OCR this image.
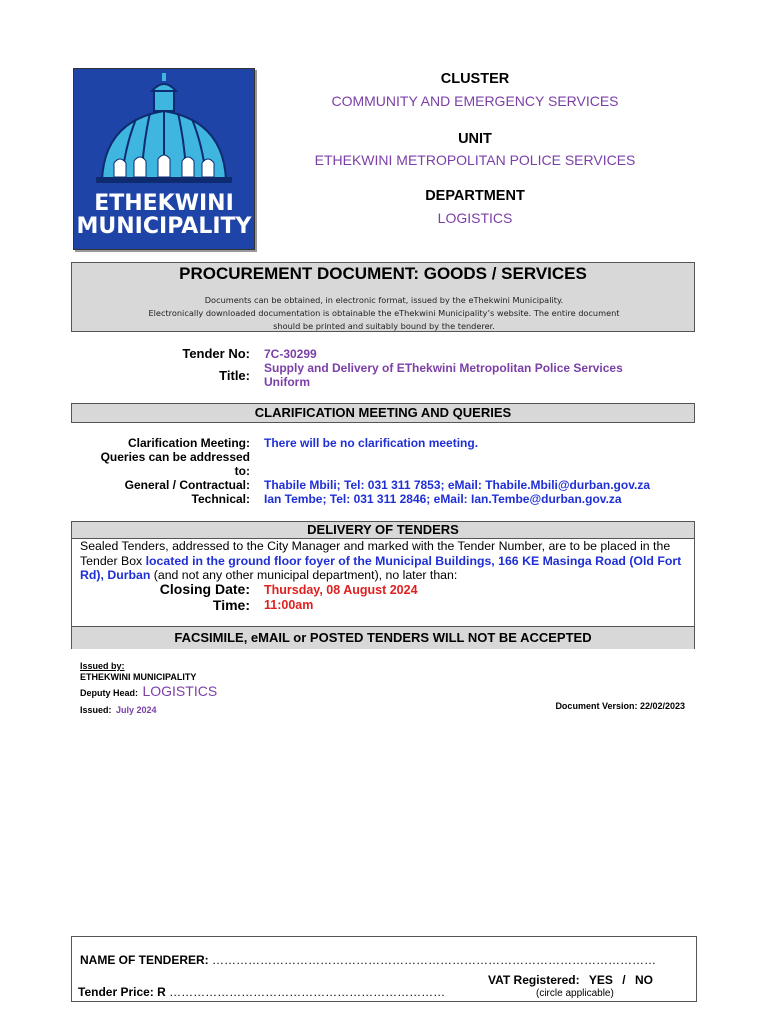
ETHEKWINI
MUNICIPALITY
CLUSTER
COMMUNITY AND EMERGENCY SERVICES
UNIT
ETHEKWINI METROPOLITAN POLICE SERVICES
DEPARTMENT
LOGISTICS
PROCUREMENT DOCUMENT: GOODS / SERVICES
Documents can be obtained, in electronic format, issued by the eThekwini Municipality.
Electronically downloaded documentation is obtainable the eThekwini Municipality’s website. The entire document
should be printed and suitably bound by the tenderer.
Tender No: 7C-30299
Title: Supply and Delivery of EThekwini Metropolitan Police Services
Uniform
CLARIFICATION MEETING AND QUERIES
Clarification Meeting: There will be no clarification meeting.
Queries can be addressed
to:
General / Contractual: Thabile Mbili; Tel: 031 311 7853; eMail: Thabile.Mbili@durban.gov.za
Technical: Ian Tembe; Tel: 031 311 2846; eMail: Ian.Tembe@durban.gov.za
DELIVERY OF TENDERS
Sealed Tenders, addressed to the City Manager and marked with the Tender Number, are to be placed in the Tender Box located in the ground floor foyer of the Municipal Buildings, 166 KE Masinga Road (Old Fort Rd), Durban (and not any other municipal department), no later than:
Closing Date: Thursday, 08 August 2024
Time: 11:00am
FACSIMILE, eMAIL or POSTED TENDERS WILL NOT BE ACCEPTED
Issued by:
ETHEKWINI MUNICIPALITY
Deputy Head: LOGISTICS
Issued: July 2024	Document Version: 22/02/2023
NAME OF TENDERER: …………………………………………………………………………………………………
VAT Registered: YES / NO
(circle applicable)
Tender Price: R ……………………………………………………………
